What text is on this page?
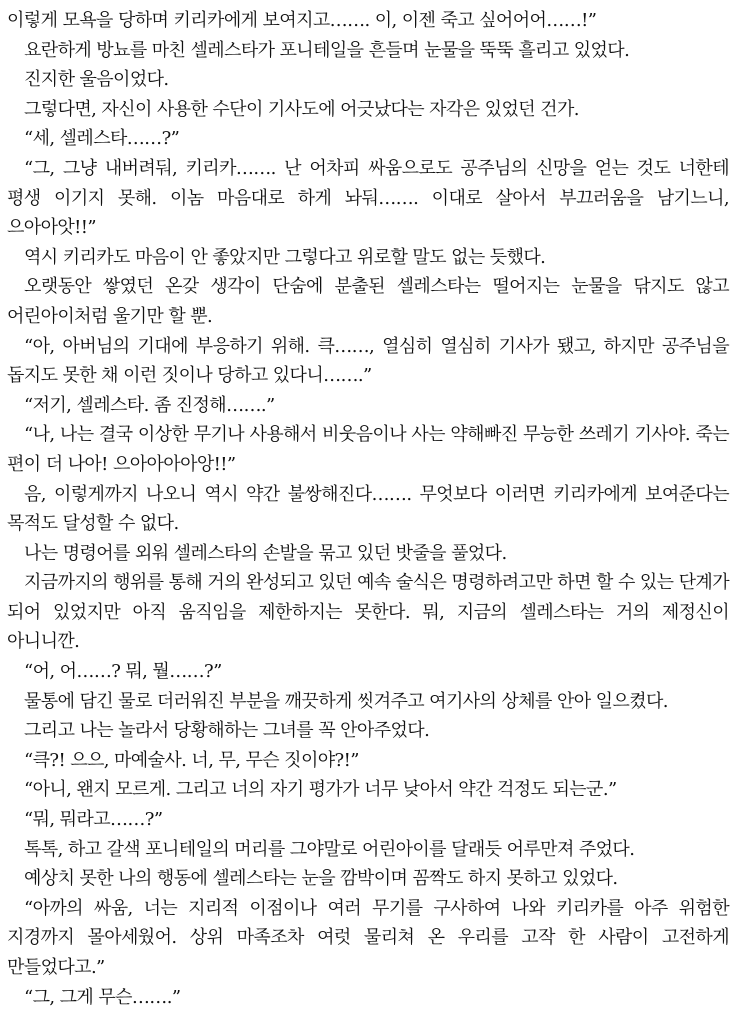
이렇게 모욕을 당하며 키리카에게 보여지고……. 이, 이젠 죽고 싶어어어……!”

요란하게 방뇨를 마친 셀레스타가 포니테일을 흔들며 눈물을 뚝뚝 흘리고 있었다.

진지한 울음이었다.

그렇다면, 자신이 사용한 수단이 기사도에 어긋났다는 자각은 있었던 건가.

“세, 셀레스타……?”

“그, 그냥 내버려둬, 키리카……. 난 어차피 싸움으로도 공주님의 신망을 얻는 것도 너한테 평생 이기지 못해. 이놈 마음대로 하게 놔둬……. 이대로 살아서 부끄러움을 남기느니, 으아아앗!!”

역시 키리카도 마음이 안 좋았지만 그렇다고 위로할 말도 없는 듯했다.

오랫동안 쌓였던 온갖 생각이 단숨에 분출된 셀레스타는 떨어지는 눈물을 닦지도 않고 어린아이처럼 울기만 할 뿐.

“아, 아버님의 기대에 부응하기 위해. 큭……, 열심히 열심히 기사가 됐고, 하지만 공주님을 돕지도 못한 채 이런 짓이나 당하고 있다니…….”

“저기, 셀레스타. 좀 진정해…….”

“나, 나는 결국 이상한 무기나 사용해서 비웃음이나 사는 약해빠진 무능한 쓰레기 기사야. 죽는 편이 더 나아! 으아아아아앙!!”

음, 이렇게까지 나오니 역시 약간 불쌍해진다……. 무엇보다 이러면 키리카에게 보여준다는 목적도 달성할 수 없다.

나는 명령어를 외워 셀레스타의 손발을 묶고 있던 밧줄을 풀었다.

지금까지의 행위를 통해 거의 완성되고 있던 예속 술식은 명령하려고만 하면 할 수 있는 단계가 되어 있었지만 아직 움직임을 제한하지는 못한다. 뭐, 지금의 셀레스타는 거의 제정신이 아니니깐.

“어, 어……? 뭐, 뭘……?”

물통에 담긴 물로 더러워진 부분을 깨끗하게 씻겨주고 여기사의 상체를 안아 일으켰다.

그리고 나는 놀라서 당황해하는 그녀를 꼭 안아주었다.

“큭?! 으으, 마예술사. 너, 무, 무슨 짓이야?!”

“아니, 왠지 모르게. 그리고 너의 자기 평가가 너무 낮아서 약간 걱정도 되는군.”

“뭐, 뭐라고……?”

톡톡, 하고 갈색 포니테일의 머리를 그야말로 어린아이를 달래듯 어루만져 주었다.

예상치 못한 나의 행동에 셀레스타는 눈을 깜박이며 꼼짝도 하지 못하고 있었다.

“아까의 싸움, 너는 지리적 이점이나 여러 무기를 구사하여 나와 키리카를 아주 위험한 지경까지 몰아세웠어. 상위 마족조차 여럿 물리쳐 온 우리를 고작 한 사람이 고전하게 만들었다고.”

“그, 그게 무슨…….”
